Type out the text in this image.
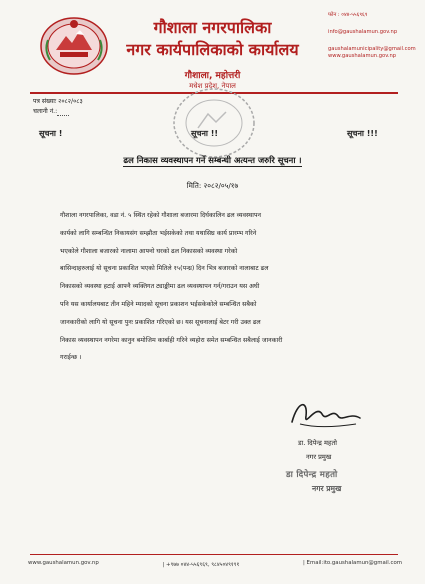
गौशाला नगरपालिका
नगर कार्यपालिकाको कार्यालय
गौशाला, महोत्तरी
मधेश प्रदेश, नेपाल
फोन : ०४४-५५६९६९
info@gaushalamun.gov.np
gaushalamunicipality@gmail.com
www.gaushalamun.gov.np
पत्र संख्याः २०८२/०८३
चलानी नं.:
सूचना !	सूचना !!	सूचना !!!
ढल निकास व्यवस्थापन गर्ने सम्बन्धी अत्यन्त जरुरि सूचना ।
मिति: २०८२/०५/१७
गौशाला नगरपालिका, वडा नं. ५ स्थित रहेको गौशाला बजारमा दिर्घकालिन ढल व्यवस्थापन
कार्यको लागि सम्बन्धित निकायसंग सम्झौता भईसकेको तथा यथासिघ्र कार्य प्रारम्भ गरिने
भएकोले गौशाला बजारको नालामा आफ्नो घरको ढल निकासको व्यवस्था गरेको
बासिन्दाहरुलाई यो सूचना प्रकाशित भएको मितिले १५(पन्ध्र) दिन भित्र बजारको नालाबाट ढल
निकासको व्यवस्था हटाई आफ्नै व्यक्तिगत ट्याङ्कीमा ढल व्यवस्थापन गर्न/गराउन यस अघी
पनि यस कार्यालयबाट तीन महिने म्यादको सूचना प्रकाशन भईसकेकोले सम्बन्धित सबैको
जानकारीको लागि यो सूचना पुनः प्रकाशित गरिएको छ। यस सूचनालाई बेटर गरी उक्त ढल
निकास व्यवस्थापन नगरेमा कानुन बमोजिम कार्बाही गरिने व्यहोरा समेत सम्बन्धित सबैलाई जानकारी
गराईन्छ ।
डा. दिपेन्द्र महतो
नगर प्रमुख
डा दिपेन्द्र महतो
नगर प्रमुख
www.gaushalamun.gov.np	| +९७७ ०४४-५५६९६९, ९८४५०४९१९१	| Email:ito.gaushalamun@gmail.com
